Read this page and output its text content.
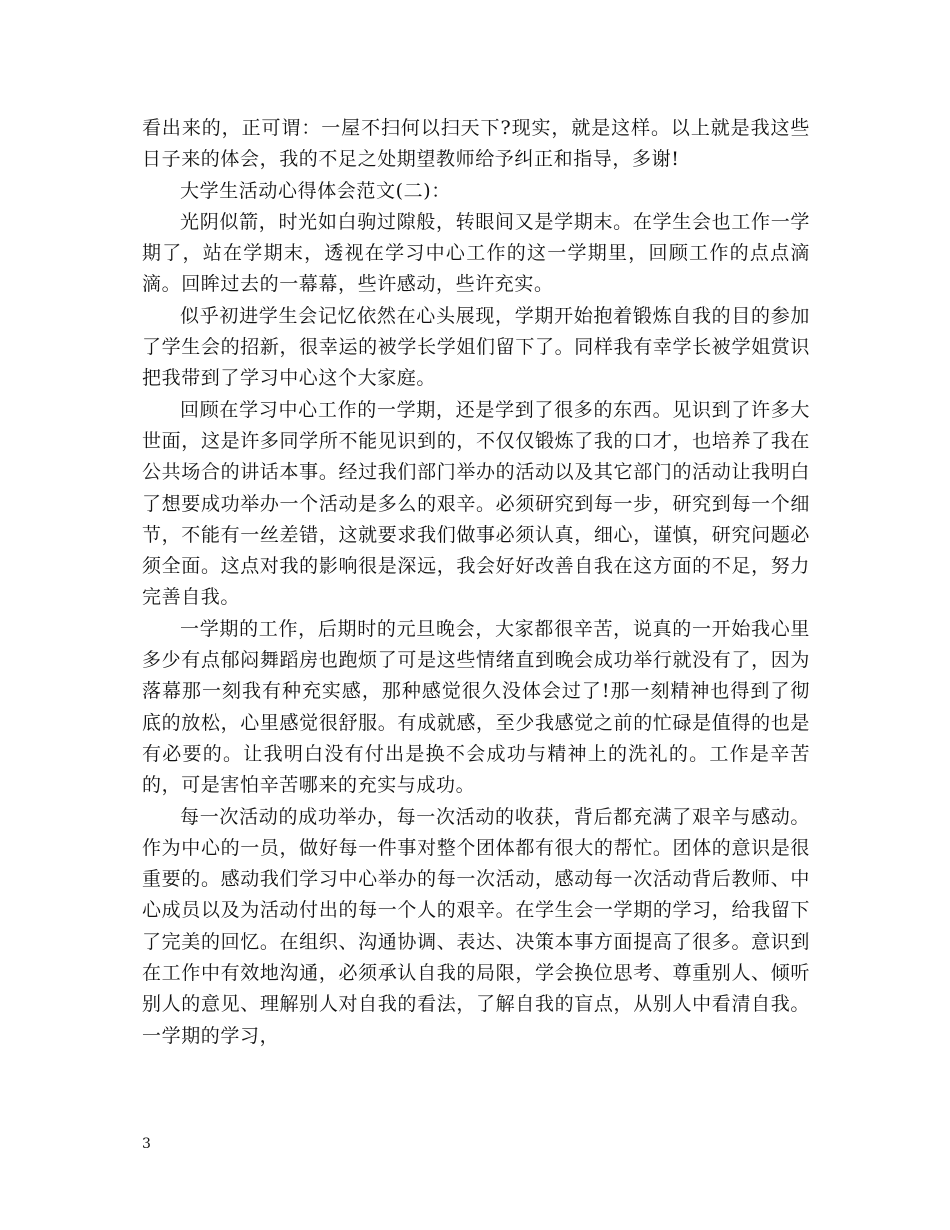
看出来的，正可谓：一屋不扫何以扫天下?现实，就是这样。以上就是我这些日子来的体会，我的不足之处期望教师给予纠正和指导，多谢!

大学生活动心得体会范文(二)：

光阴似箭，时光如白驹过隙般，转眼间又是学期末。在学生会也工作一学期了，站在学期末，透视在学习中心工作的这一学期里，回顾工作的点点滴滴。回眸过去的一幕幕，些许感动，些许充实。

似乎初进学生会记忆依然在心头展现，学期开始抱着锻炼自我的目的参加了学生会的招新，很幸运的被学长学姐们留下了。同样我有幸学长被学姐赏识把我带到了学习中心这个大家庭。

回顾在学习中心工作的一学期，还是学到了很多的东西。见识到了许多大世面，这是许多同学所不能见识到的，不仅仅锻炼了我的口才，也培养了我在公共场合的讲话本事。经过我们部门举办的活动以及其它部门的活动让我明白了想要成功举办一个活动是多么的艰辛。必须研究到每一步，研究到每一个细节，不能有一丝差错，这就要求我们做事必须认真，细心，谨慎，研究问题必须全面。这点对我的影响很是深远，我会好好改善自我在这方面的不足，努力完善自我。

一学期的工作，后期时的元旦晚会，大家都很辛苦，说真的一开始我心里多少有点郁闷舞蹈房也跑烦了可是这些情绪直到晚会成功举行就没有了，因为落幕那一刻我有种充实感，那种感觉很久没体会过了!那一刻精神也得到了彻底的放松，心里感觉很舒服。有成就感，至少我感觉之前的忙碌是值得的也是有必要的。让我明白没有付出是换不会成功与精神上的洗礼的。工作是辛苦的，可是害怕辛苦哪来的充实与成功。

每一次活动的成功举办，每一次活动的收获，背后都充满了艰辛与感动。作为中心的一员，做好每一件事对整个团体都有很大的帮忙。团体的意识是很重要的。感动我们学习中心举办的每一次活动，感动每一次活动背后教师、中心成员以及为活动付出的每一个人的艰辛。在学生会一学期的学习，给我留下了完美的回忆。在组织、沟通协调、表达、决策本事方面提高了很多。意识到在工作中有效地沟通，必须承认自我的局限，学会换位思考、尊重别人、倾听别人的意见、理解别人对自我的看法，了解自我的盲点，从别人中看清自我。一学期的学习，

3
